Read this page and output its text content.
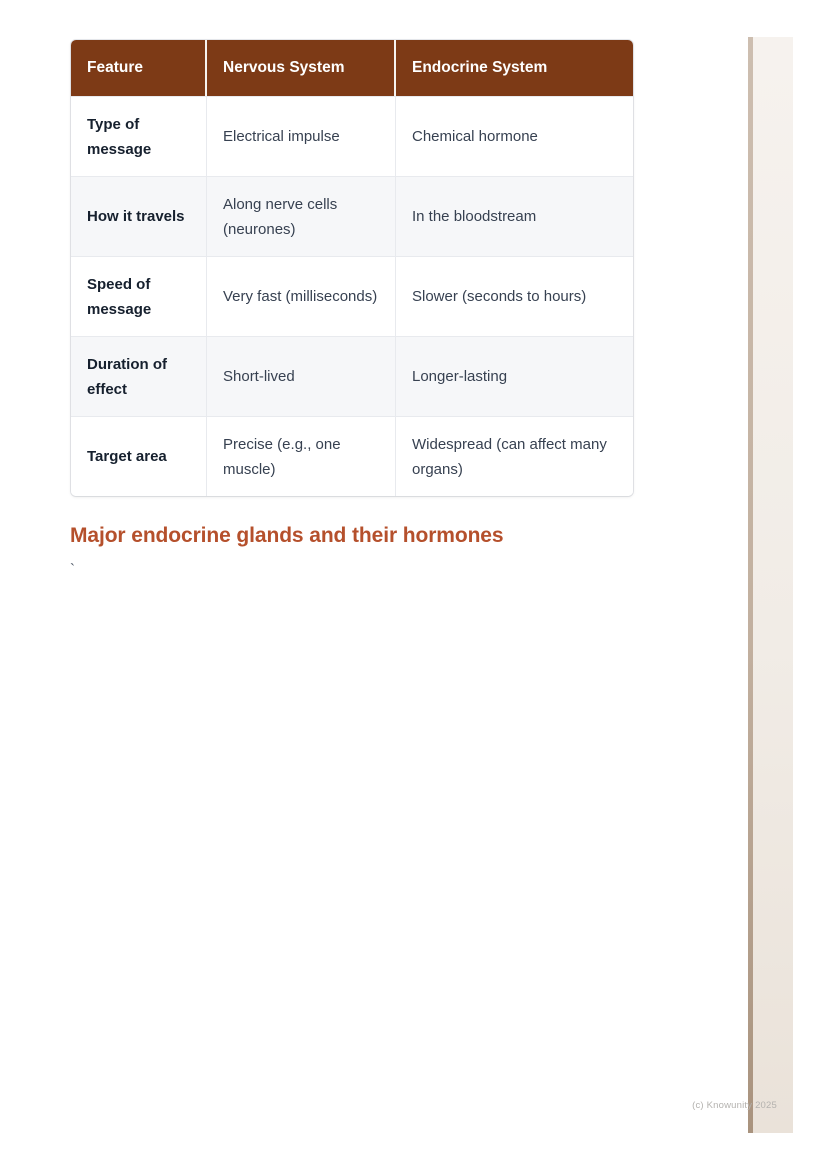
Feature	Nervous System	Endocrine System
Type of message	Electrical impulse	Chemical hormone
How it travels	Along nerve cells (neurones)	In the bloodstream
Speed of message	Very fast (milliseconds)	Slower (seconds to hours)
Duration of effect	Short-lived	Longer-lasting
Target area	Precise (e.g., one muscle)	Widespread (can affect many organs)
Major endocrine glands and their hormones
`
(c) Knowunity 2025
